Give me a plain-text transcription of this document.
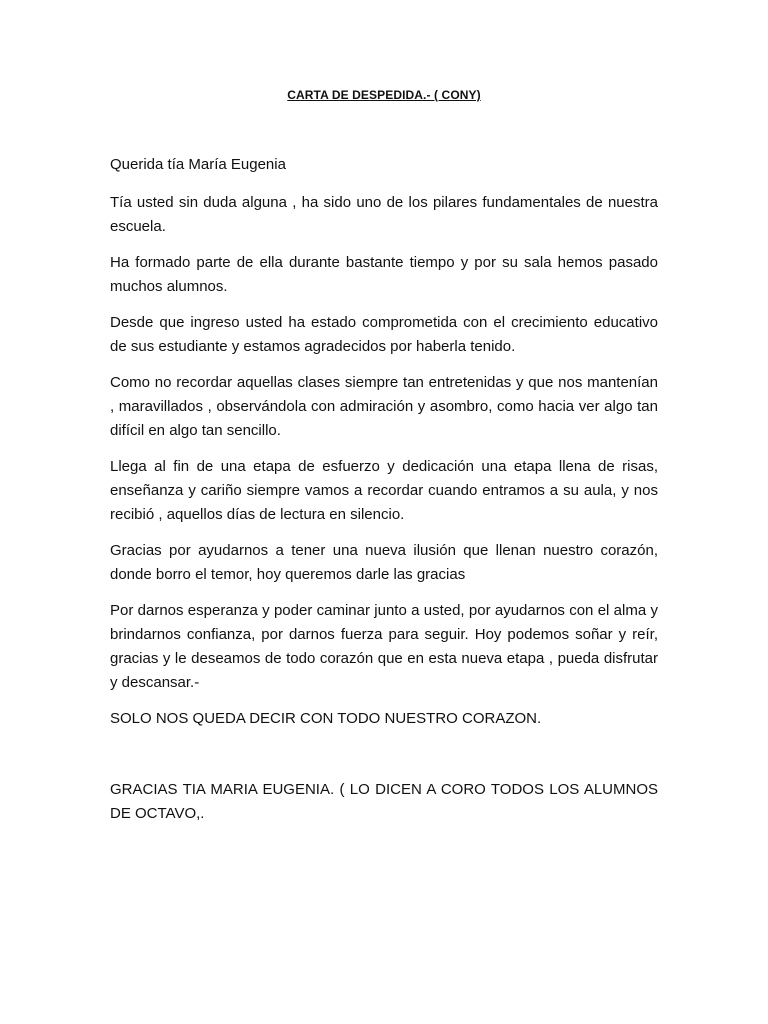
CARTA DE DESPEDIDA.- ( CONY)

Querida tía María Eugenia

Tía usted sin duda alguna , ha sido uno de los pilares fundamentales de nuestra escuela.

Ha formado parte de ella durante bastante tiempo y por su sala hemos pasado muchos alumnos.

Desde que ingreso usted ha estado comprometida con el crecimiento educativo de sus estudiante y estamos agradecidos por haberla tenido.

Como no recordar aquellas clases siempre tan entretenidas y que nos mantenían , maravillados , observándola con admiración y asombro, como hacia ver algo tan difícil en algo tan sencillo.

Llega al fin de una etapa de esfuerzo y dedicación una etapa llena de risas, enseñanza y cariño siempre vamos a recordar cuando entramos a su aula, y nos recibió , aquellos días de lectura en silencio.

Gracias por ayudarnos a tener una nueva ilusión que llenan nuestro corazón, donde borro el temor, hoy queremos darle las gracias

Por darnos esperanza y poder caminar junto a usted, por ayudarnos con el alma y brindarnos confianza, por darnos fuerza para seguir. Hoy podemos soñar y reír, gracias y le deseamos de todo corazón que en esta nueva etapa , pueda disfrutar y descansar.-

SOLO NOS QUEDA DECIR CON TODO NUESTRO CORAZON.

GRACIAS TIA MARIA EUGENIA. ( LO DICEN A CORO TODOS LOS ALUMNOS DE OCTAVO,.
